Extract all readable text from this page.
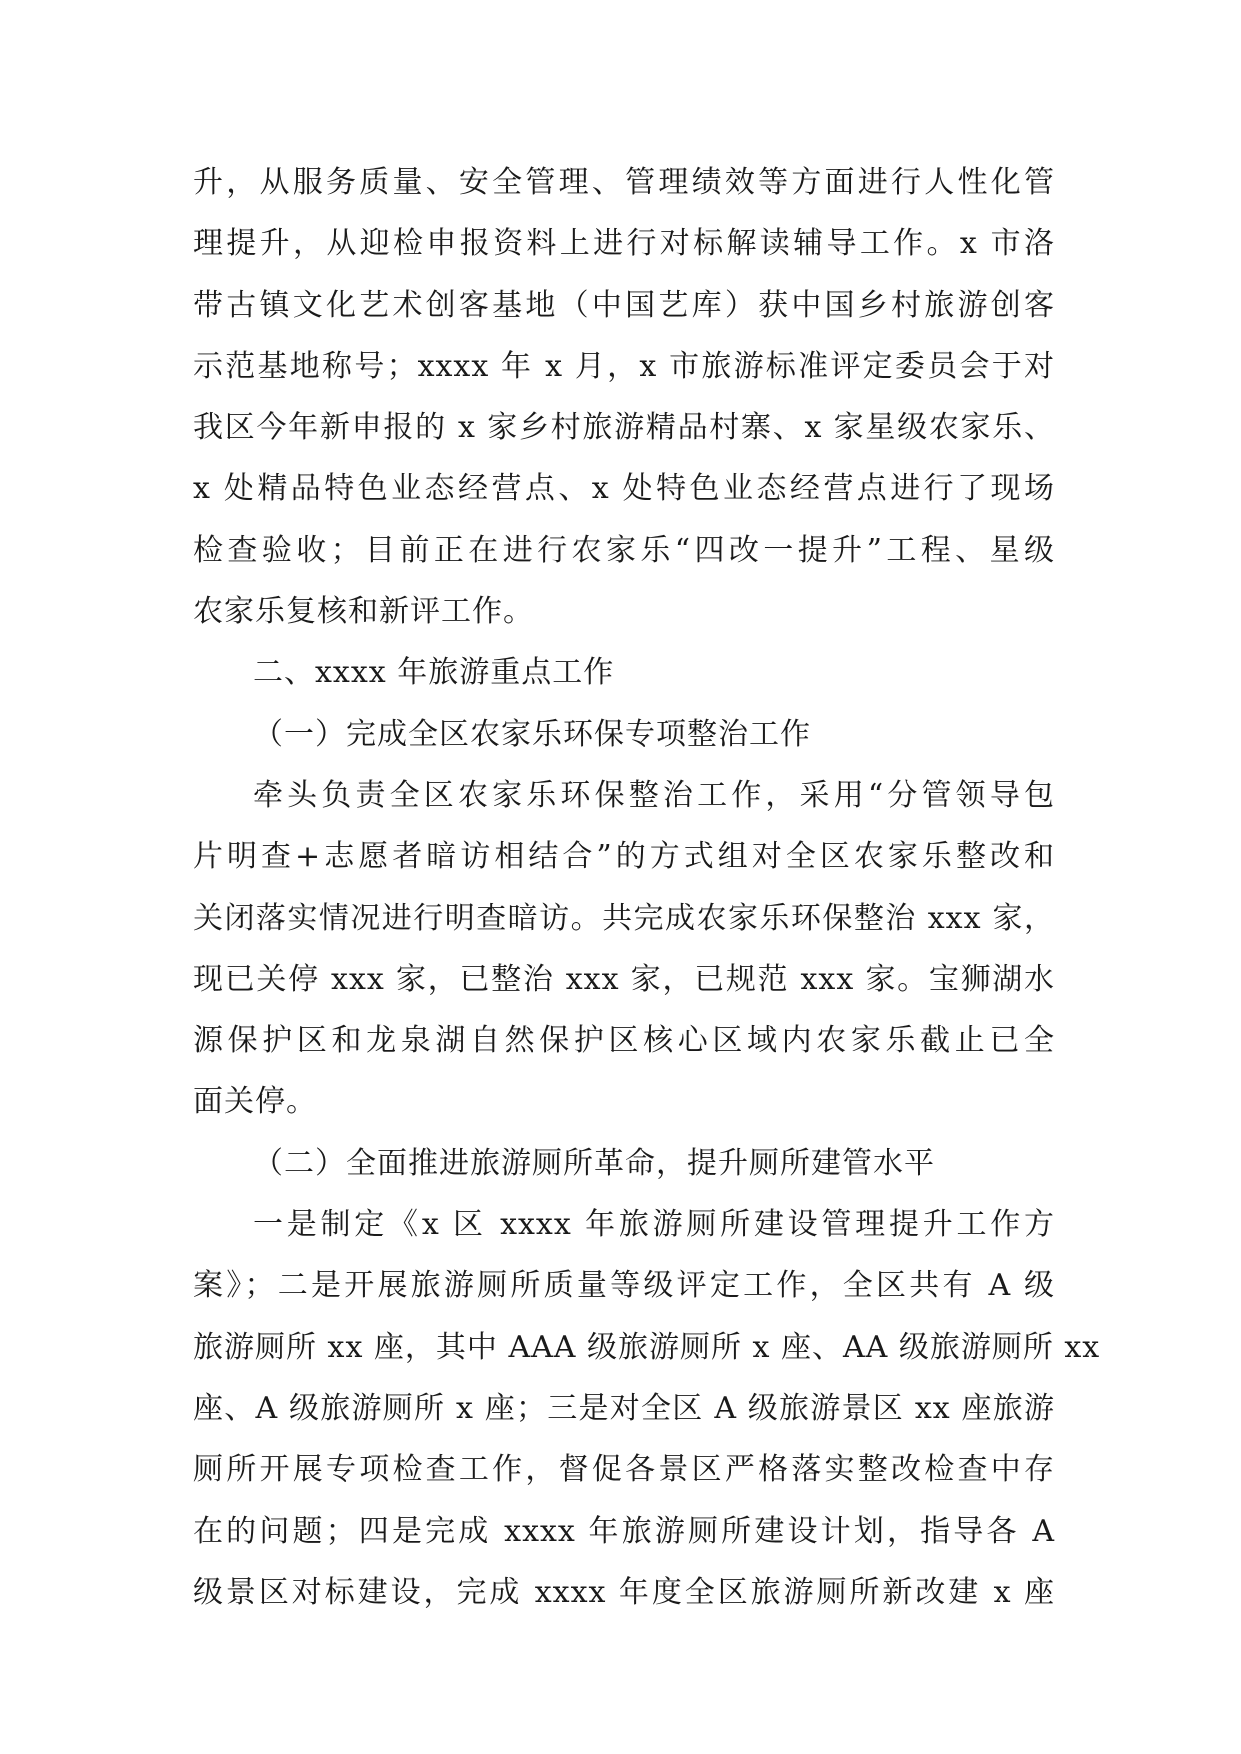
升，从服务质量、安全管理、管理绩效等方面进行人性化管
理提升，从迎检申报资料上进行对标解读辅导工作。x 市洛
带古镇文化艺术创客基地（中国艺库）获中国乡村旅游创客
示范基地称号；xxxx 年 x 月，x 市旅游标准评定委员会于对
我区今年新申报的 x 家乡村旅游精品村寨、x 家星级农家乐、
x 处精品特色业态经营点、x 处特色业态经营点进行了现场
检查验收；目前正在进行农家乐“四改一提升”工程、星级
农家乐复核和新评工作。
二、xxxx 年旅游重点工作
（一）完成全区农家乐环保专项整治工作
牵头负责全区农家乐环保整治工作，采用“分管领导包
片明查+志愿者暗访相结合”的方式组对全区农家乐整改和
关闭落实情况进行明查暗访。共完成农家乐环保整治 xxx 家，
现已关停 xxx 家，已整治 xxx 家，已规范 xxx 家。宝狮湖水
源保护区和龙泉湖自然保护区核心区域内农家乐截止已全
面关停。
（二）全面推进旅游厕所革命，提升厕所建管水平
一是制定《x 区 xxxx 年旅游厕所建设管理提升工作方
案》；二是开展旅游厕所质量等级评定工作，全区共有 A 级
旅游厕所 xx 座，其中 AAA 级旅游厕所 x 座、AA 级旅游厕所 xx
座、A 级旅游厕所 x 座；三是对全区 A 级旅游景区 xx 座旅游
厕所开展专项检查工作，督促各景区严格落实整改检查中存
在的问题；四是完成 xxxx 年旅游厕所建设计划，指导各 A
级景区对标建设，完成 xxxx 年度全区旅游厕所新改建 x 座
